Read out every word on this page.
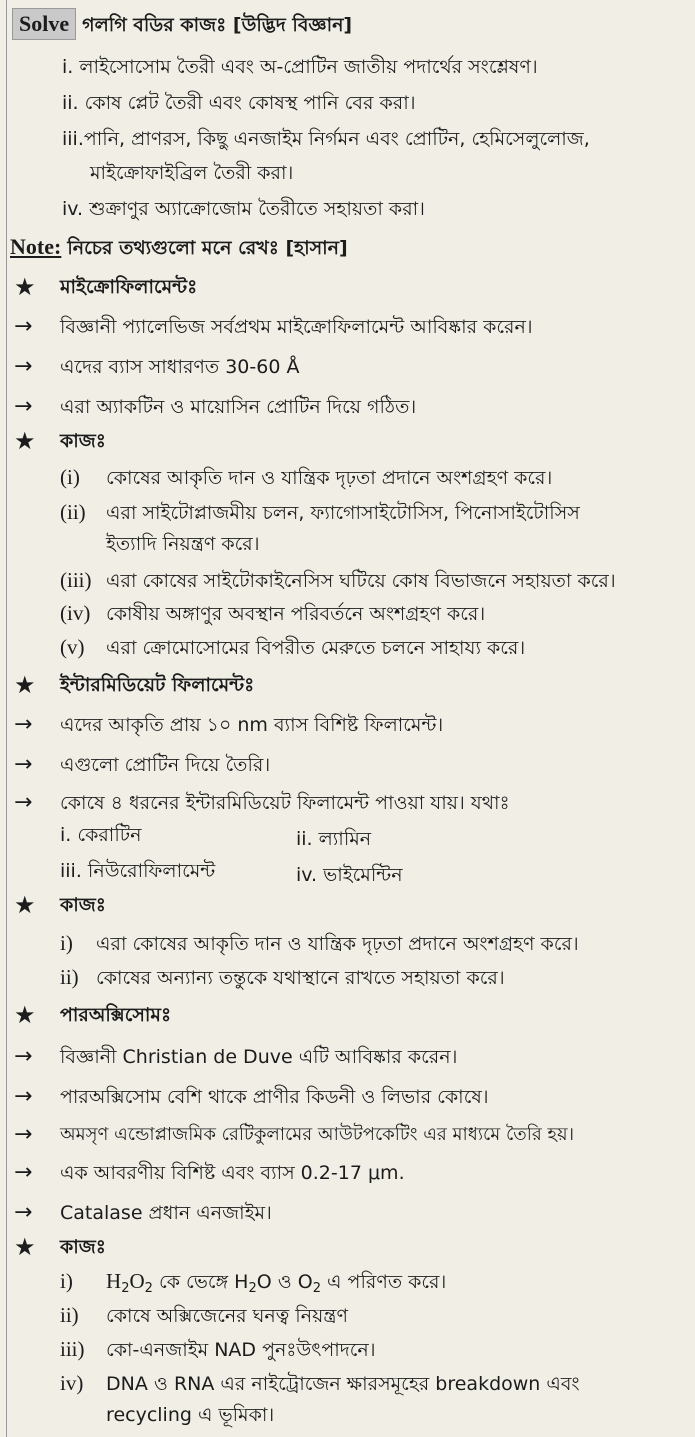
Solve গলগি বডির কাজঃ [উদ্ভিদ বিজ্ঞান]
i. লাইসোসোম তৈরী এবং অ-প্রোটিন জাতীয় পদার্থের সংশ্লেষণ।
ii. কোষ প্লেট তৈরী এবং কোষস্থ পানি বের করা।
iii.পানি, প্রাণরস, কিছু এনজাইম নির্গমন এবং প্রোটিন, হেমিসেলুলোজ,
মাইক্রোফাইব্রিল তৈরী করা।
iv. শুক্রাণুর অ্যাক্রোজোম তৈরীতে সহায়তা করা।
Note: নিচের তথ্যগুলো মনে রেখঃ [হাসান]
★ মাইক্রোফিলামেন্টঃ
→ বিজ্ঞানী প্যালেভিজ সর্বপ্রথম মাইক্রোফিলামেন্ট আবিষ্কার করেন।
→ এদের ব্যাস সাধারণত 30-60 Å
→ এরা অ্যাকটিন ও মায়োসিন প্রোটিন দিয়ে গঠিত।
★ কাজঃ
(i) কোষের আকৃতি দান ও যান্ত্রিক দৃঢ়তা প্রদানে অংশগ্রহণ করে।
(ii) এরা সাইটোপ্লাজমীয় চলন, ফ্যাগোসাইটোসিস, পিনোসাইটোসিস
ইত্যাদি নিয়ন্ত্রণ করে।
(iii) এরা কোষের সাইটোকাইনেসিস ঘটিয়ে কোষ বিভাজনে সহায়তা করে।
(iv) কোষীয় অঙ্গাণুর অবস্থান পরিবর্তনে অংশগ্রহণ করে।
(v) এরা ক্রোমোসোমের বিপরীত মেরুতে চলনে সাহায্য করে।
★ ইন্টারমিডিয়েট ফিলামেন্টঃ
→ এদের আকৃতি প্রায় ১০ nm ব্যাস বিশিষ্ট ফিলামেন্ট।
→ এগুলো প্রোটিন দিয়ে তৈরি।
→ কোষে ৪ ধরনের ইন্টারমিডিয়েট ফিলামেন্ট পাওয়া যায়। যথাঃ
i. কেরাটিন	ii. ল্যামিন
iii. নিউরোফিলামেন্ট	iv. ভাইমেন্টিন
★ কাজঃ
i) এরা কোষের আকৃতি দান ও যান্ত্রিক দৃঢ়তা প্রদানে অংশগ্রহণ করে।
ii) কোষের অন্যান্য তন্তুকে যথাস্থানে রাখতে সহায়তা করে।
★ পারঅক্সিসোমঃ
→ বিজ্ঞানী Christian de Duve এটি আবিষ্কার করেন।
→ পারঅক্সিসোম বেশি থাকে প্রাণীর কিডনী ও লিভার কোষে।
→ অমসৃণ এন্ডোপ্লাজমিক রেটিকুলামের আউটপকেটিং এর মাধ্যমে তৈরি হয়।
→ এক আবরণীয় বিশিষ্ট এবং ব্যাস 0.2-17 μm.
→ Catalase প্রধান এনজাইম।
★ কাজঃ
i) $H_2O_2$ কে ভেঙ্গে $H_2O$ ও $O_2$ এ পরিণত করে।
ii) কোষে অক্সিজেনের ঘনত্ব নিয়ন্ত্রণ
iii) কো-এনজাইম NAD পুনঃউৎপাদনে।
iv) DNA ও RNA এর নাইট্রোজেন ক্ষারসমূহের breakdown এবং
recycling এ ভূমিকা।
